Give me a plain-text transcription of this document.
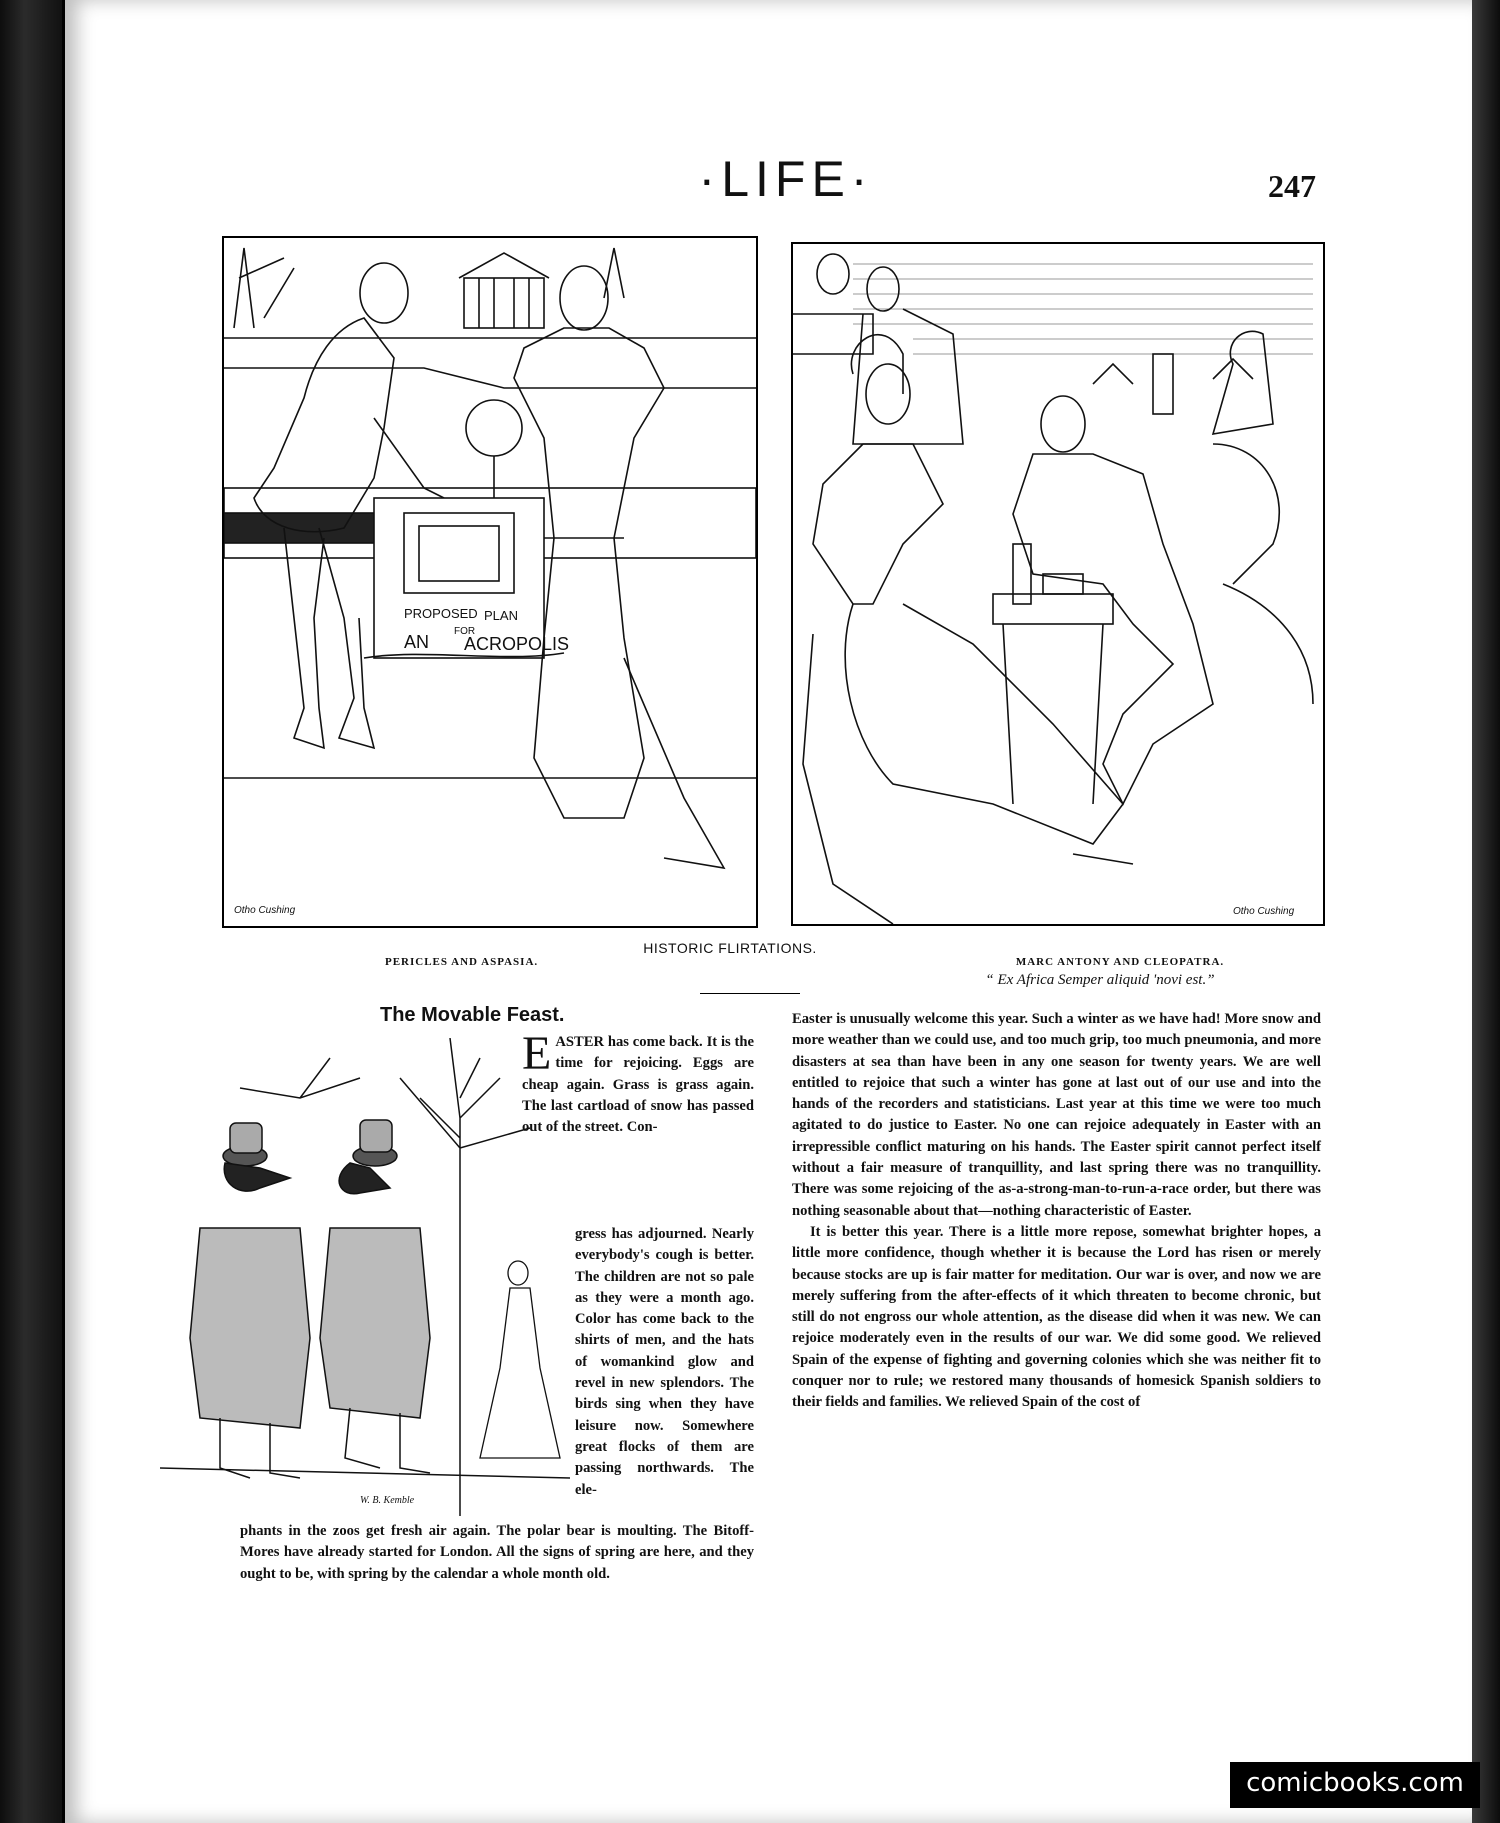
·LIFE·	247
PROPOSED PLAN
FOR
AN ACROPOLIS
Otho Cushing	Otho Cushing
HISTORIC FLIRTATIONS.
PERICLES AND ASPASIA.	MARC ANTONY AND CLEOPATRA.
“ Ex Africa Semper aliquid 'novi est.”
The Movable Feast.
W. B. Kemble
EASTER has come back. It is the time for rejoicing. Eggs are cheap again. Grass is grass again. The last cartload of snow has passed out of the street. Con-
gress has adjourned. Nearly everybody's cough is better. The children are not so pale as they were a month ago. Color has come back to the shirts of men, and the hats of womankind glow and revel in new splendors. The birds sing when they have leisure now. Somewhere great flocks of them are passing northwards. The ele-
phants in the zoos get fresh air again. The polar bear is moulting. The Bitoff-Mores have already started for London. All the signs of spring are here, and they ought to be, with spring by the calendar a whole month old.

Easter is unusually welcome this year. Such a winter as we have had! More snow and more weather than we could use, and too much grip, too much pneumonia, and more disasters at sea than have been in any one season for twenty years. We are well entitled to rejoice that such a winter has gone at last out of our use and into the hands of the recorders and statisticians. Last year at this time we were too much agitated to do justice to Easter. No one can rejoice adequately in Easter with an irrepressible conflict maturing on his hands. The Easter spirit cannot perfect itself without a fair measure of tranquillity, and last spring there was no tranquillity. There was some rejoicing of the as-a-strong-man-to-run-a-race order, but there was nothing seasonable about that—nothing characteristic of Easter.

It is better this year. There is a little more repose, somewhat brighter hopes, a little more confidence, though whether it is because the Lord has risen or merely because stocks are up is fair matter for meditation. Our war is over, and now we are merely suffering from the after-effects of it which threaten to become chronic, but still do not engross our whole attention, as the disease did when it was new. We can rejoice moderately even in the results of our war. We did some good. We relieved Spain of the expense of fighting and governing colonies which she was neither fit to conquer nor to rule; we restored many thousands of homesick Spanish soldiers to their fields and families. We relieved Spain of the cost of

comicbooks.com
